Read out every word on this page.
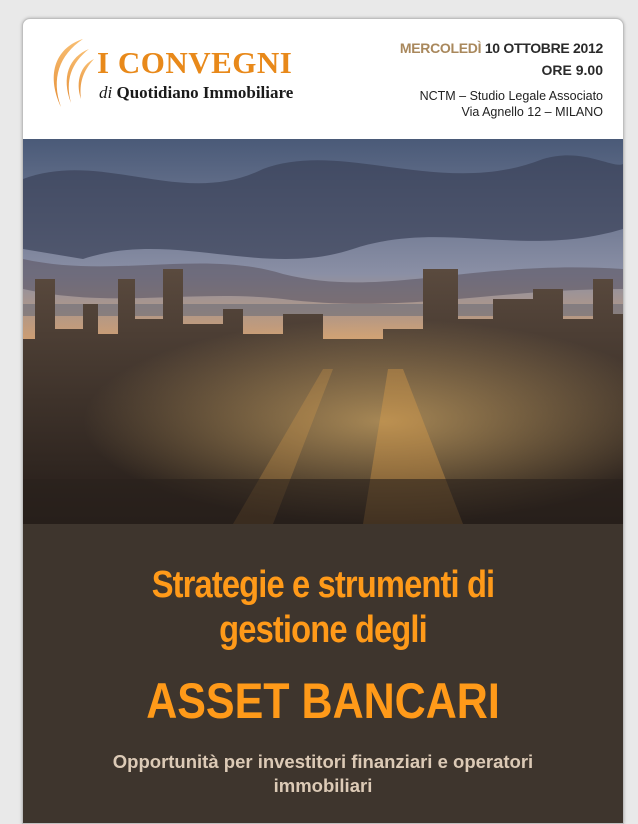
I CONVEGNI
di Quotidiano Immobiliare
MERCOLEDÌ 10 OTTOBRE 2012
ORE 9.00
NCTM – Studio Legale Associato
Via Agnello 12 – MILANO
Strategie e strumenti di
gestione degli
ASSET BANCARI
Opportunità per investitori finanziari e operatori immobiliari
